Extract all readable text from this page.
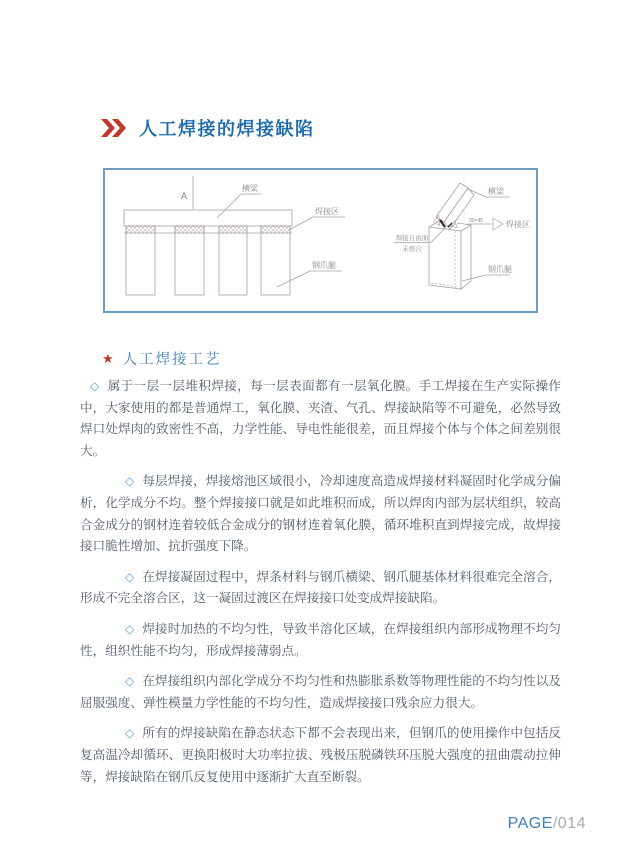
人工焊接的焊接缺陷
A
横梁
焊接区
钢爪腿
横梁
30×45	焊接区
焊接自由面
未熔合
钢爪腿
★ 人工焊接工艺

◇ 属于一层一层堆积焊接，每一层表面都有一层氧化膜。手工焊接在生产实际操作中，大家使用的都是普通焊工，氧化膜、夹渣、气孔、焊接缺陷等不可避免，必然导致焊口处焊肉的致密性不高，力学性能、导电性能很差，而且焊接个体与个体之间差别很大。

◇ 每层焊接，焊接熔池区域很小，冷却速度高造成焊接材料凝固时化学成分偏析，化学成分不均。整个焊接接口就是如此堆积而成，所以焊肉内部为层状组织，较高合金成分的钢材连着较低合金成分的钢材连着氧化膜，循环堆积直到焊接完成，故焊接接口脆性增加、抗折强度下降。

◇ 在焊接凝固过程中，焊条材料与钢爪横梁、钢爪腿基体材料很难完全溶合，形成不完全溶合区，这一凝固过渡区在焊接接口处变成焊接缺陷。

◇ 焊接时加热的不均匀性，导致半溶化区域，在焊接组织内部形成物理不均匀性，组织性能不均匀，形成焊接薄弱点。

◇ 在焊接组织内部化学成分不均匀性和热膨胀系数等物理性能的不均匀性以及屈服强度、弹性模量力学性能的不均匀性，造成焊接接口残余应力很大。

◇ 所有的焊接缺陷在静态状态下都不会表现出来，但钢爪的使用操作中包括反复高温冷却循环、更换阳极时大功率拉拔、残极压脱磷铁环压脱大强度的扭曲震动拉伸等，焊接缺陷在钢爪反复使用中逐渐扩大直至断裂。

PAGE/014
